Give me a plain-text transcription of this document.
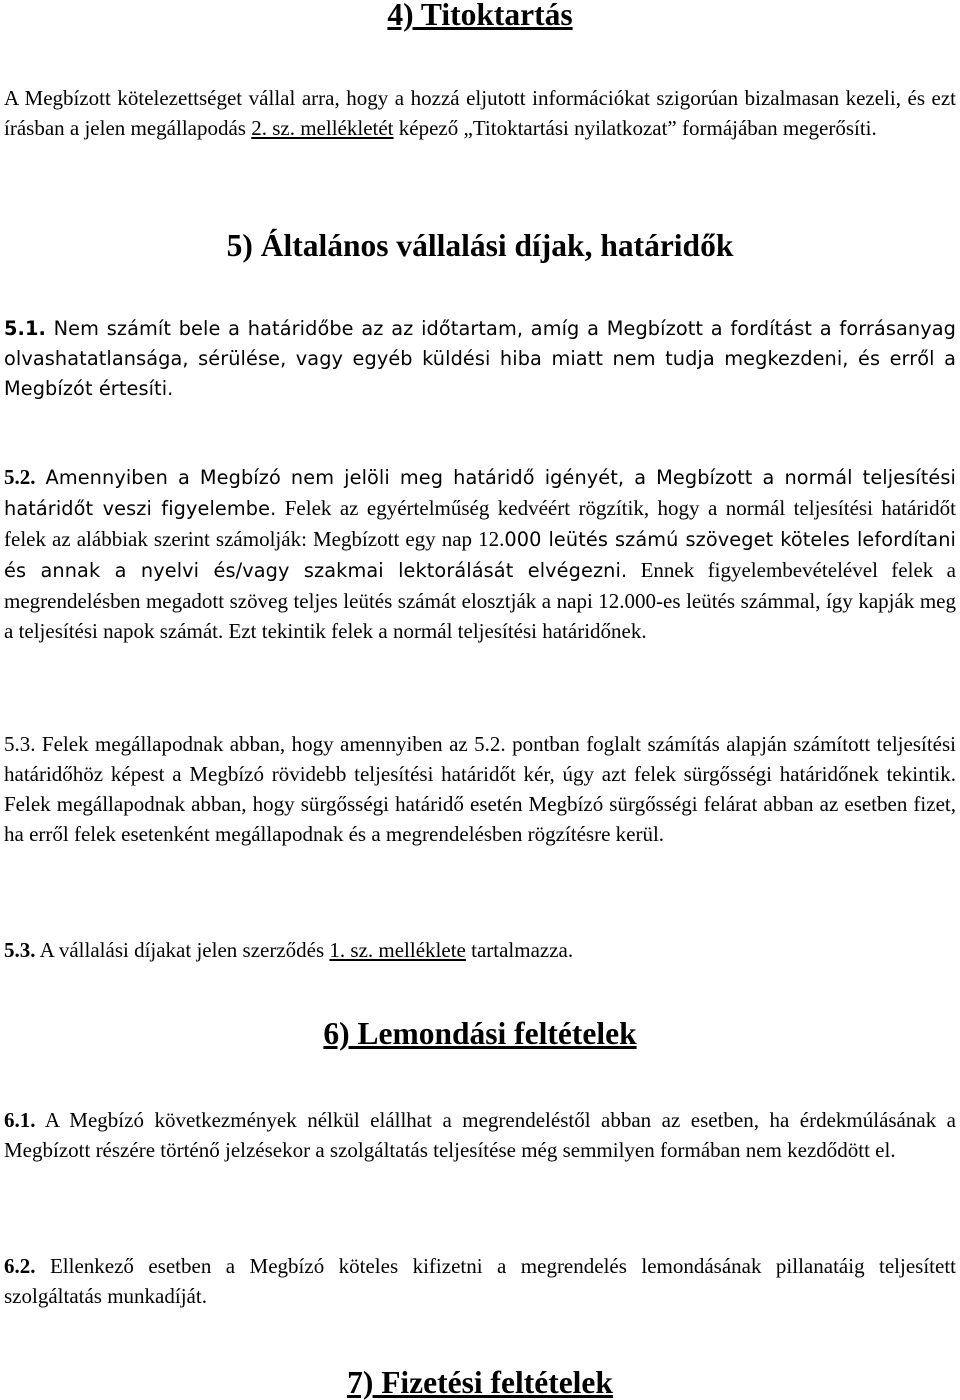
4) Titoktartás

A Megbízott kötelezettséget vállal arra, hogy a hozzá eljutott információkat szigorúan bizalmasan kezeli, és ezt írásban a jelen megállapodás 2. sz. mellékletét képező „Titoktartási nyilatkozat” formájában megerősíti.

5) Általános vállalási díjak, határidők

5.1. Nem számít bele a határidőbe az az időtartam, amíg a Megbízott a fordítást a forrásanyag olvashatatlansága, sérülése, vagy egyéb küldési hiba miatt nem tudja megkezdeni, és erről a Megbízót értesíti.

5.2. Amennyiben a Megbízó nem jelöli meg határidő igényét, a Megbízott a normál teljesítési határidőt veszi figyelembe. Felek az egyértelműség kedvéért rögzítik, hogy a normál teljesítési határidőt felek az alábbiak szerint számolják: Megbízott egy nap 12.000 leütés számú szöveget köteles lefordítani és annak a nyelvi és/vagy szakmai lektorálását elvégezni. Ennek figyelembevételével felek a megrendelésben megadott szöveg teljes leütés számát elosztják a napi 12.000-es leütés számmal, így kapják meg a teljesítési napok számát. Ezt tekintik felek a normál teljesítési határidőnek.

5.3. Felek megállapodnak abban, hogy amennyiben az 5.2. pontban foglalt számítás alapján számított teljesítési határidőhöz képest a Megbízó rövidebb teljesítési határidőt kér, úgy azt felek sürgősségi határidőnek tekintik. Felek megállapodnak abban, hogy sürgősségi határidő esetén Megbízó sürgősségi felárat abban az esetben fizet, ha erről felek esetenként megállapodnak és a megrendelésben rögzítésre kerül.

5.3. A vállalási díjakat jelen szerződés 1. sz. melléklete tartalmazza.

6) Lemondási feltételek

6.1. A Megbízó következmények nélkül elállhat a megrendeléstől abban az esetben, ha érdekmúlásának a Megbízott részére történő jelzésekor a szolgáltatás teljesítése még semmilyen formában nem kezdődött el.

6.2. Ellenkező esetben a Megbízó köteles kifizetni a megrendelés lemondásának pillanatáig teljesített szolgáltatás munkadíját.

7) Fizetési feltételek
